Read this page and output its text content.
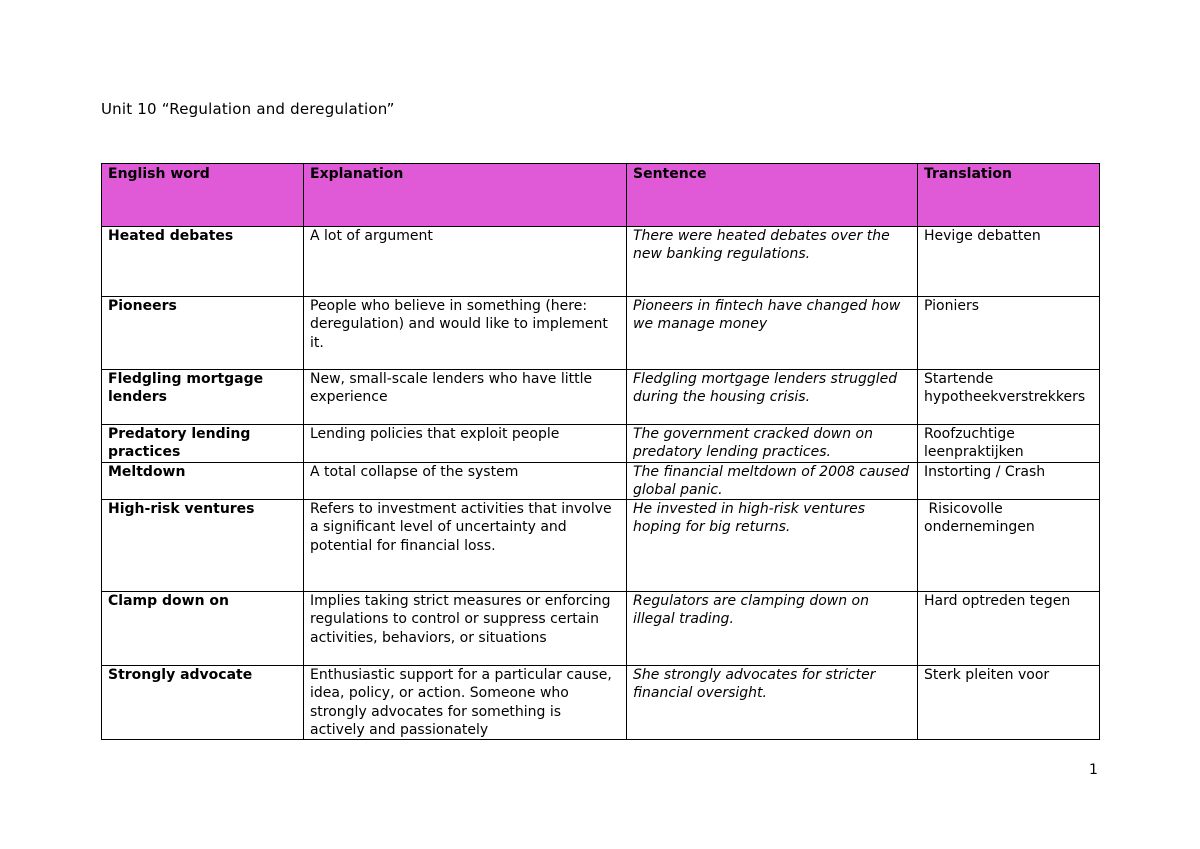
Unit 10 “Regulation and deregulation”
English word	Explanation	Sentence	Translation
Heated debates	A lot of argument	There were heated debates over the new banking regulations.	Hevige debatten
Pioneers	People who believe in something (here: deregulation) and would like to implement it.	Pioneers in fintech have changed how we manage money	Pioniers
Fledgling mortgage lenders	New, small-scale lenders who have little experience	Fledgling mortgage lenders struggled during the housing crisis.	Startende hypotheekverstrekkers
Predatory lending practices	Lending policies that exploit people	The government cracked down on predatory lending practices.	Roofzuchtige leenpraktijken
Meltdown	A total collapse of the system	The financial meltdown of 2008 caused global panic.	Instorting / Crash
High-risk ventures	Refers to investment activities that involve a significant level of uncertainty and potential for financial loss.	He invested in high-risk ventures hoping for big returns.	Risicovolle ondernemingen
Clamp down on	Implies taking strict measures or enforcing regulations to control or suppress certain activities, behaviors, or situations	Regulators are clamping down on illegal trading.	Hard optreden tegen
Strongly advocate	Enthusiastic support for a particular cause, idea, policy, or action. Someone who strongly advocates for something is actively and passionately	She strongly advocates for stricter financial oversight.	Sterk pleiten voor
1
